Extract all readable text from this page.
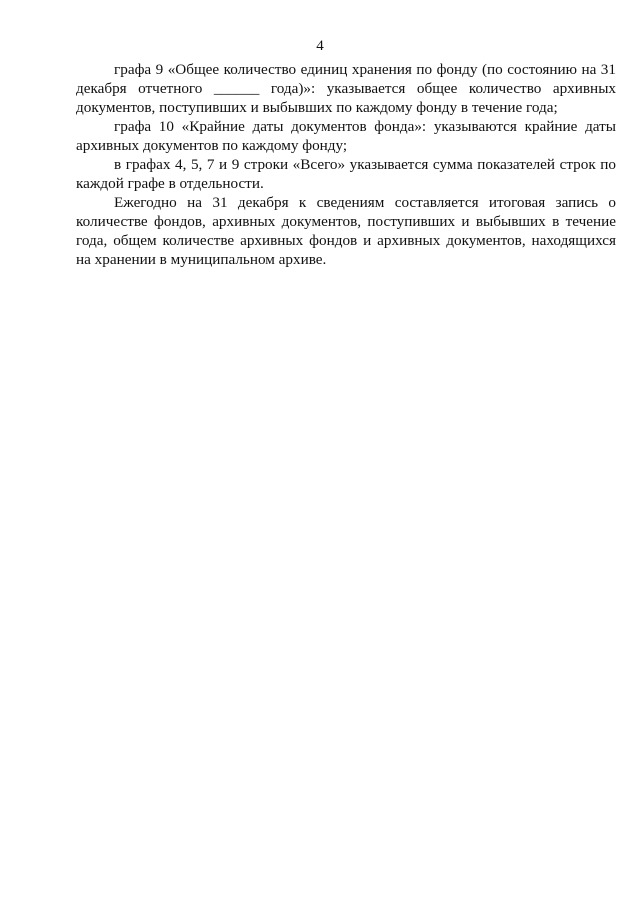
4

графа 9 «Общее количество единиц хранения по фонду (по состоянию на 31 декабря отчетного ______ года)»: указывается общее количество архивных документов, поступивших и выбывших по каждому фонду в течение года;

графа 10 «Крайние даты документов фонда»: указываются крайние даты архивных документов по каждому фонду;

в графах 4, 5, 7 и 9 строки «Всего» указывается сумма показателей строк по каждой графе в отдельности.

Ежегодно на 31 декабря к сведениям составляется итоговая запись о количестве фондов, архивных документов, поступивших и выбывших в течение года, общем количестве архивных фондов и архивных документов, находящихся на хранении в муниципальном архиве.
